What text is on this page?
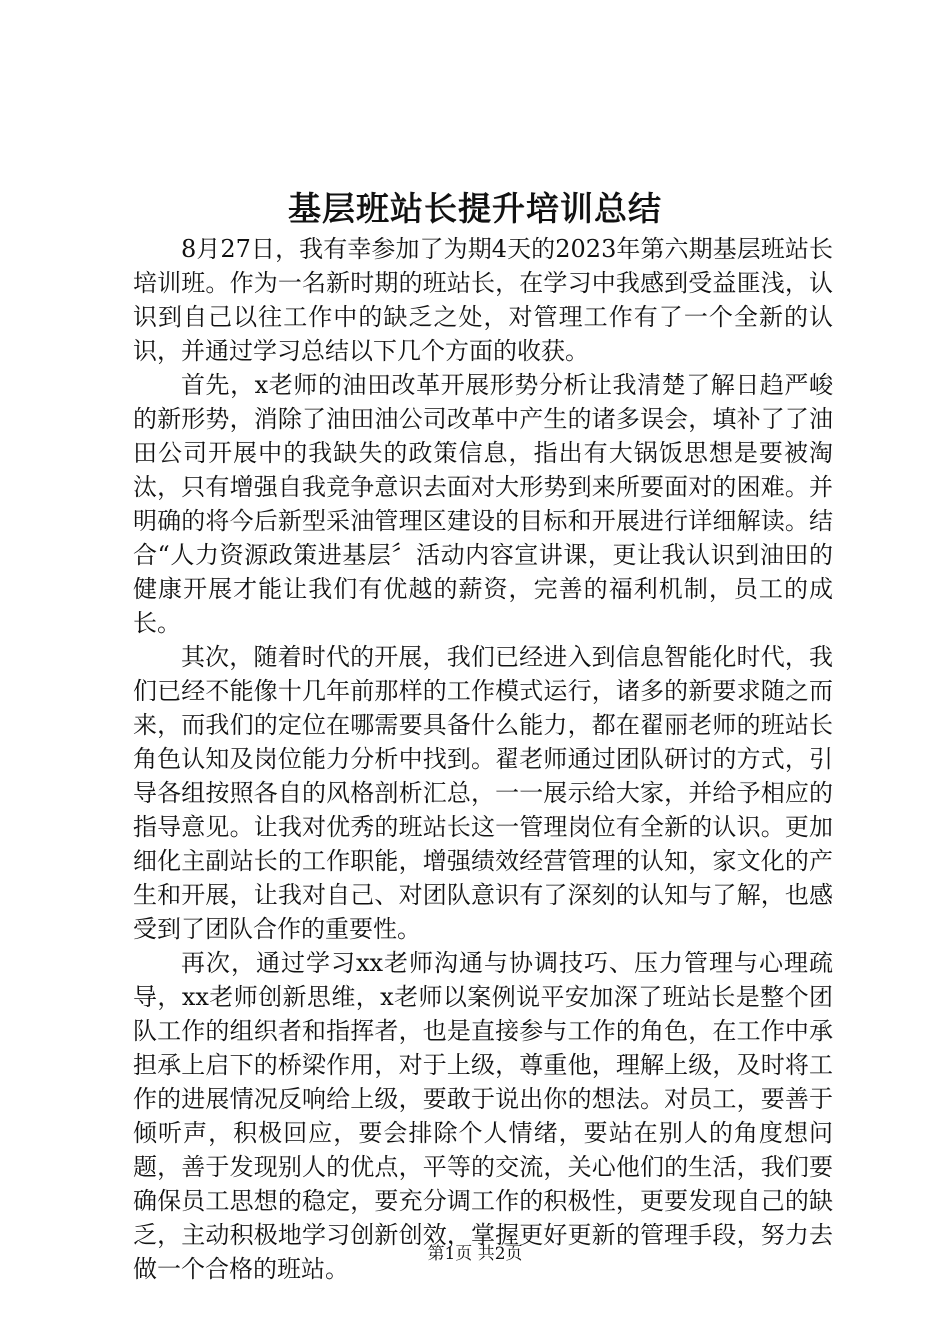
基层班站长提升培训总结

8月27日，我有幸参加了为期4天的2023年第六期基层班站长培训班。作为一名新时期的班站长，在学习中我感到受益匪浅，认识到自己以往工作中的缺乏之处，对管理工作有了一个全新的认识，并通过学习总结以下几个方面的收获。

首先，x老师的油田改革开展形势分析让我清楚了解日趋严峻的新形势，消除了油田油公司改革中产生的诸多误会，填补了了油田公司开展中的我缺失的政策信息，指出有大锅饭思想是要被淘汰，只有增强自我竞争意识去面对大形势到来所要面对的困难。并明确的将今后新型采油管理区建设的目标和开展进行详细解读。结合“人力资源政策进基层〞活动内容宣讲课，更让我认识到油田的健康开展才能让我们有优越的薪资，完善的福利机制，员工的成长。

其次，随着时代的开展，我们已经进入到信息智能化时代，我们已经不能像十几年前那样的工作模式运行，诸多的新要求随之而来，而我们的定位在哪需要具备什么能力，都在翟丽老师的班站长角色认知及岗位能力分析中找到。翟老师通过团队研讨的方式，引导各组按照各自的风格剖析汇总，一一展示给大家，并给予相应的指导意见。让我对优秀的班站长这一管理岗位有全新的认识。更加细化主副站长的工作职能，增强绩效经营管理的认知，家文化的产生和开展，让我对自己、对团队意识有了深刻的认知与了解，也感受到了团队合作的重要性。

再次，通过学习xx老师沟通与协调技巧、压力管理与心理疏导，xx老师创新思维，x老师以案例说平安加深了班站长是整个团队工作的组织者和指挥者，也是直接参与工作的角色，在工作中承担承上启下的桥梁作用，对于上级，尊重他，理解上级，及时将工作的进展情况反响给上级，要敢于说出你的想法。对员工，要善于倾听声，积极回应，要会排除个人情绪，要站在别人的角度想问题，善于发现别人的优点，平等的交流，关心他们的生活，我们要确保员工思想的稳定，要充分调工作的积极性，更要发现自己的缺乏，主动积极地学习创新创效，掌握更好更新的管理手段，努力去做一个合格的班站。

第1页 共2页
